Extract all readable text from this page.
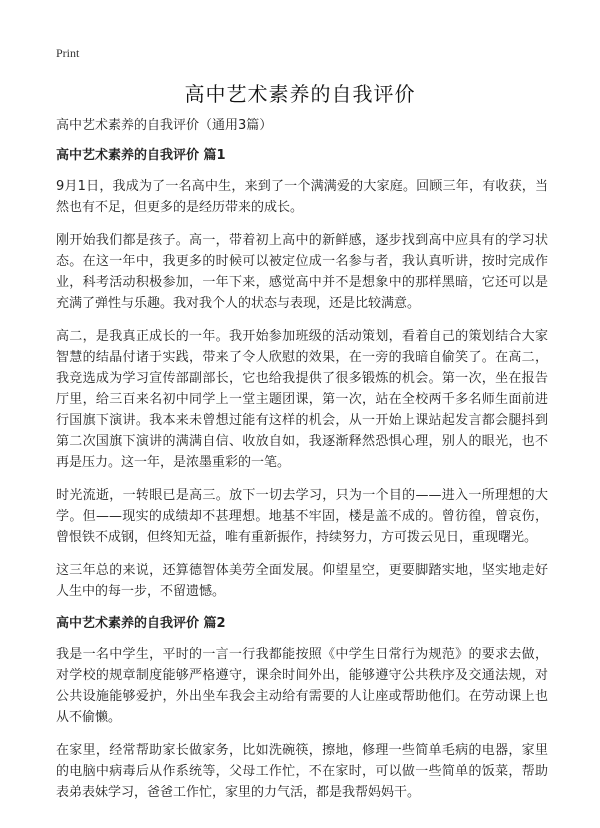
Print
高中艺术素养的自我评价
高中艺术素养的自我评价（通用3篇）
高中艺术素养的自我评价 篇1

9月1日，我成为了一名高中生，来到了一个满满爱的大家庭。回顾三年，有收获，当然也有不足，但更多的是经历带来的成长。

刚开始我们都是孩子。高一，带着初上高中的新鲜感，逐步找到高中应具有的学习状态。在这一年中，我更多的时候可以被定位成一名参与者，我认真听讲，按时完成作业，科考活动积极参加，一年下来，感觉高中并不是想象中的那样黑暗，它还可以是充满了弹性与乐趣。我对我个人的状态与表现，还是比较满意。

高二，是我真正成长的一年。我开始参加班级的活动策划，看着自己的策划结合大家智慧的结晶付诸于实践，带来了令人欣慰的效果，在一旁的我暗自偷笑了。在高二，我竞选成为学习宣传部副部长，它也给我提供了很多锻炼的机会。第一次，坐在报告厅里，给三百来名初中同学上一堂主题团课，第一次，站在全校两千多名师生面前进行国旗下演讲。我本来未曾想过能有这样的机会，从一开始上课站起发言都会腿抖到第二次国旗下演讲的满满自信、收放自如，我逐渐释然恐惧心理，别人的眼光，也不再是压力。这一年，是浓墨重彩的一笔。

时光流逝，一转眼已是高三。放下一切去学习，只为一个目的——进入一所理想的大学。但——现实的成绩却不甚理想。地基不牢固，楼是盖不成的。曾彷徨，曾哀伤，曾恨铁不成钢，但终知无益，唯有重新振作，持续努力，方可拨云见日，重现曙光。

这三年总的来说，还算德智体美劳全面发展。仰望星空，更要脚踏实地，坚实地走好人生中的每一步，不留遗憾。

高中艺术素养的自我评价 篇2

我是一名中学生，平时的一言一行我都能按照《中学生日常行为规范》的要求去做，对学校的规章制度能够严格遵守，课余时间外出，能够遵守公共秩序及交通法规，对公共设施能够爱护，外出坐车我会主动给有需要的人让座或帮助他们。在劳动课上也从不偷懒。

在家里，经常帮助家长做家务，比如洗碗筷，擦地，修理一些简单毛病的电器，家里的电脑中病毒后从作系统等，父母工作忙，不在家时，可以做一些简单的饭菜，帮助表弟表妹学习，爸爸工作忙，家里的力气活，都是我帮妈妈干。
